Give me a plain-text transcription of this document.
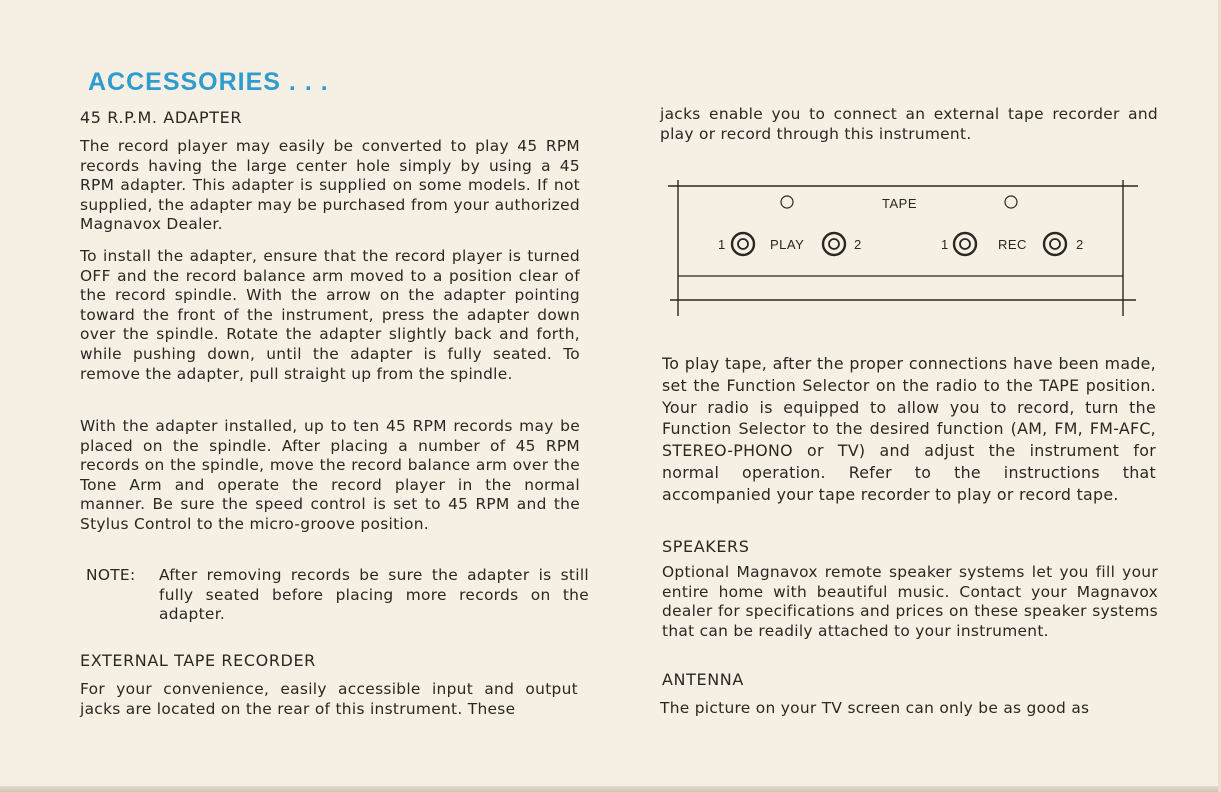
ACCESSORIES . . .
45 R.P.M. ADAPTER

The record player may easily be converted to play 45 RPM records having the large center hole simply by using a 45 RPM adapter. This adapter is supplied on some models. If not supplied, the adapter may be purchased from your authorized Magnavox Dealer.

To install the adapter, ensure that the record player is turned OFF and the record balance arm moved to a position clear of the record spindle. With the arrow on the adapter pointing toward the front of the instrument, press the adapter down over the spindle. Rotate the adapter slightly back and forth, while pushing down, until the adapter is fully seated. To remove the adapter, pull straight up from the spindle.

With the adapter installed, up to ten 45 RPM records may be placed on the spindle. After placing a number of 45 RPM records on the spindle, move the record balance arm over the Tone Arm and operate the record player in the normal manner. Be sure the speed control is set to 45 RPM and the Stylus Control to the micro-groove position.

NOTE: After removing records be sure the adapter is still fully seated before placing more records on the adapter.
EXTERNAL TAPE RECORDER

For your convenience, easily accessible input and output jacks are located on the rear of this instrument. These

jacks enable you to connect an external tape recorder and play or record through this instrument.

TAPE
1	PLAY	2	1	REC	2

To play tape, after the proper connections have been made, set the Function Selector on the radio to the TAPE position. Your radio is equipped to allow you to record, turn the Function Selector to the desired function (AM, FM, FM-AFC, STEREO-PHONO or TV) and adjust the instrument for normal operation. Refer to the instructions that accompanied your tape recorder to play or record tape.

SPEAKERS

Optional Magnavox remote speaker systems let you fill your entire home with beautiful music. Contact your Magnavox dealer for specifications and prices on these speaker systems that can be readily attached to your instrument.

ANTENNA

The picture on your TV screen can only be as good as
